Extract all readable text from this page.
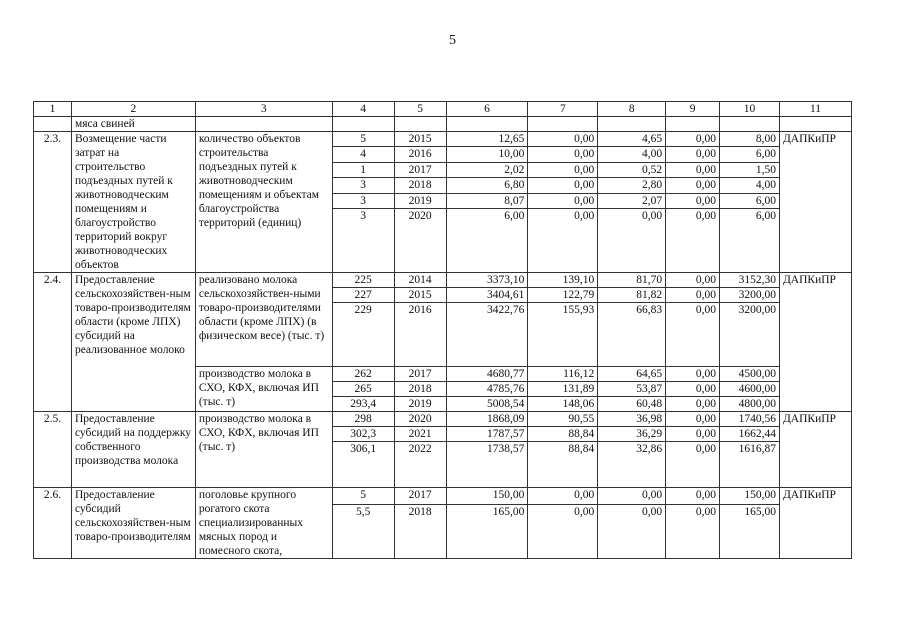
5
1	2	3	4	5	6	7	8	9	10	11
	мяса свиней									
2.3.	Возмещение части затрат на строительство подъездных путей к животноводческим помещениям и благоустройство территорий вокруг животноводческих объектов	количество объектов строительства подъездных путей к животноводческим помещениям и объектам благоустройства территорий (единиц)	5	2015	12,65	0,00	4,65	0,00	8,00	ДАПКиПР
			4	2016	10,00	0,00	4,00	0,00	6,00	
			1	2017	2,02	0,00	0,52	0,00	1,50	
			3	2018	6,80	0,00	2,80	0,00	4,00	
			3	2019	8,07	0,00	2,07	0,00	6,00	
			3	2020	6,00	0,00	0,00	0,00	6,00	
2.4.	Предоставление сельскохозяйствен-ным товаро-производителям области (кроме ЛПХ) субсидий на реализованное молоко	реализовано молока сельскохозяйствен-ными товаро-производителями области (кроме ЛПХ) (в физическом весе) (тыс. т)	225	2014	3373,10	139,10	81,70	0,00	3152,30	ДАПКиПР
			227	2015	3404,61	122,79	81,82	0,00	3200,00	
			229	2016	3422,76	155,93	66,83	0,00	3200,00	
		производство молока в СХО, КФХ, включая ИП (тыс. т)	262	2017	4680,77	116,12	64,65	0,00	4500,00	
			265	2018	4785,76	131,89	53,87	0,00	4600,00	
			293,4	2019	5008,54	148,06	60,48	0,00	4800,00	
2.5.	Предоставление субсидий на поддержку собственного производства молока	производство молока в СХО, КФХ, включая ИП (тыс. т)	298	2020	1868,09	90,55	36,98	0,00	1740,56	ДАПКиПР
			302,3	2021	1787,57	88,84	36,29	0,00	1662,44	
			306,1	2022	1738,57	88,84	32,86	0,00	1616,87	
2.6.	Предоставление субсидий сельскохозяйствен-ным товаро-производителям	поголовье крупного рогатого скота специализированных мясных пород и помесного скота,	5	2017	150,00	0,00	0,00	0,00	150,00	ДАПКиПР
			5,5	2018	165,00	0,00	0,00	0,00	165,00	
